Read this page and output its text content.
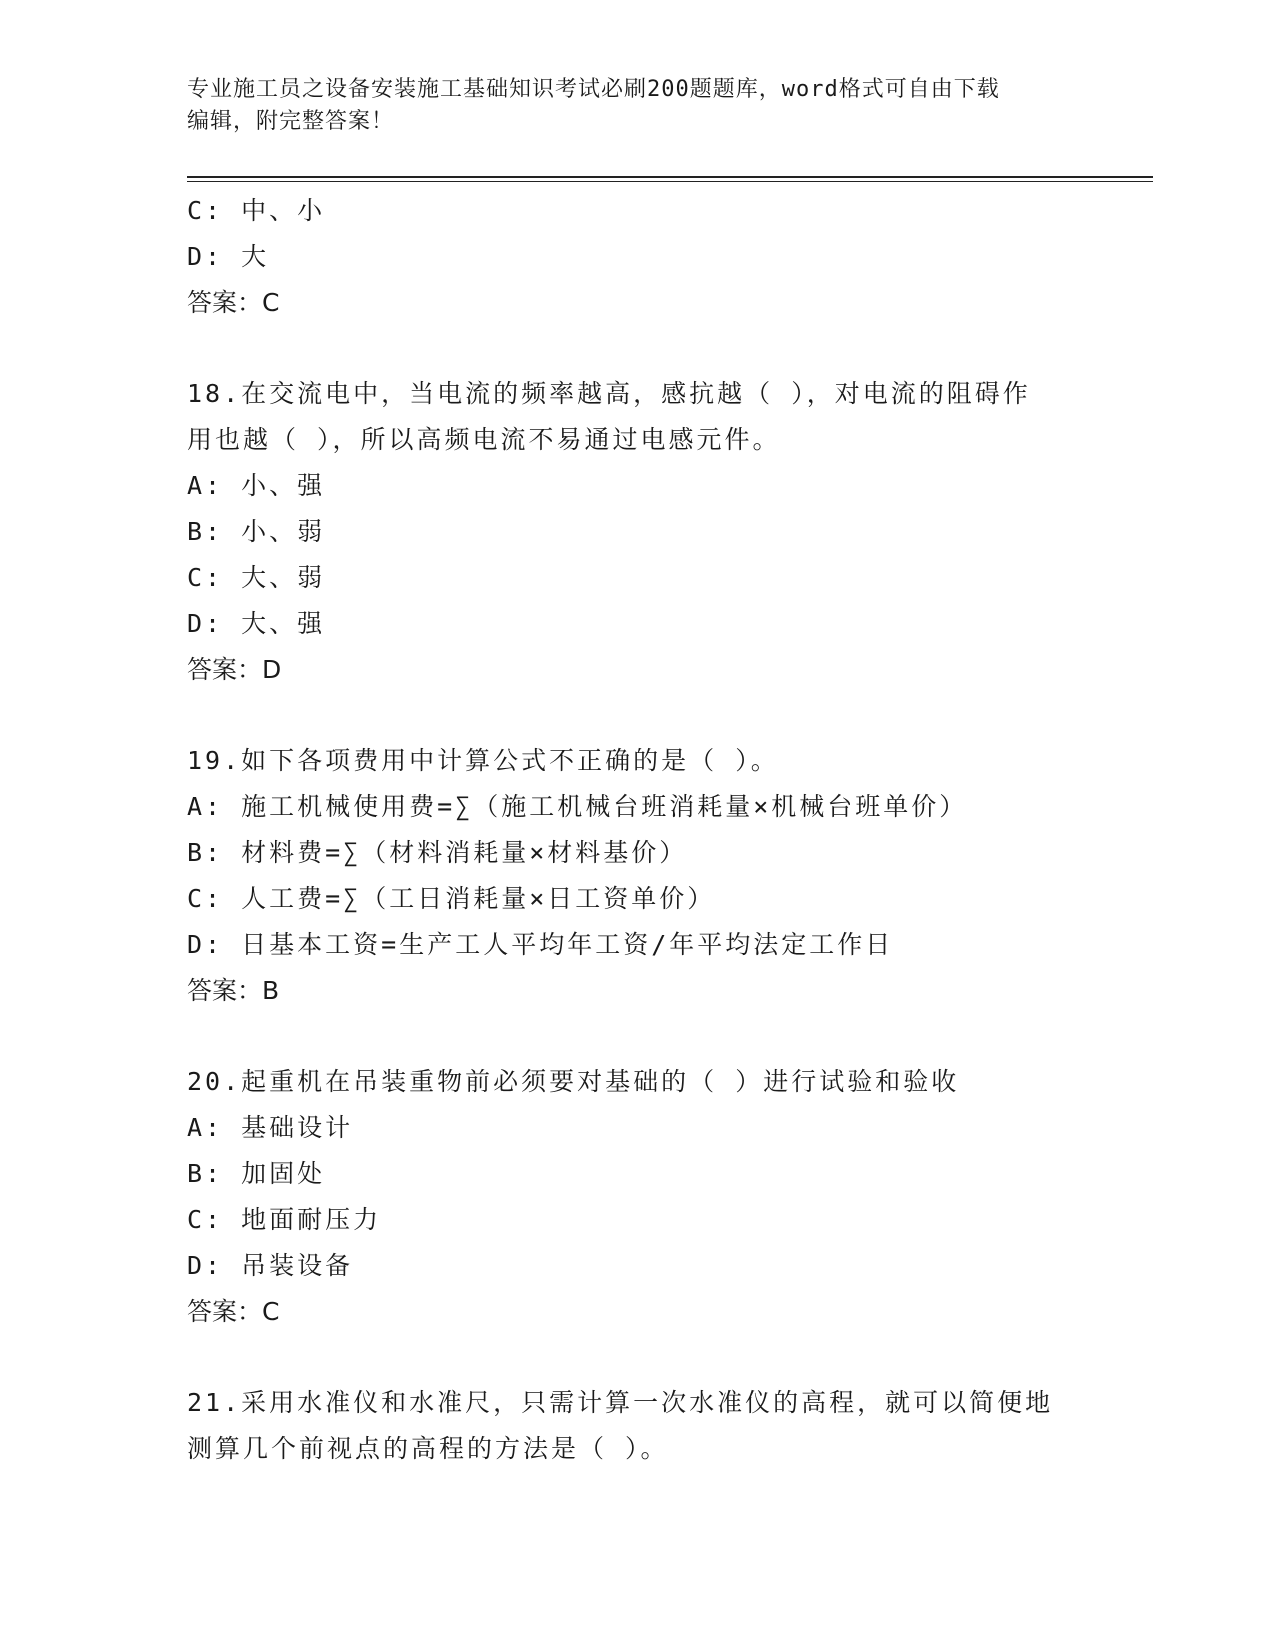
专业施工员之设备安装施工基础知识考试必刷200题题库，word格式可自由下载
编辑，附完整答案！
C: 中、小
D: 大
答案：C
18.在交流电中，当电流的频率越高，感抗越（ ），对电流的阻碍作
用也越（ ），所以高频电流不易通过电感元件。
A: 小、强
B: 小、弱
C: 大、弱
D: 大、强
答案：D
19.如下各项费用中计算公式不正确的是（ ）。
A: 施工机械使用费=∑（施工机械台班消耗量×机械台班单价）
B: 材料费=∑（材料消耗量×材料基价）
C: 人工费=∑（工日消耗量×日工资单价）
D: 日基本工资=生产工人平均年工资/年平均法定工作日
答案：B
20.起重机在吊装重物前必须要对基础的（ ）进行试验和验收
A: 基础设计
B: 加固处
C: 地面耐压力
D: 吊装设备
答案：C
21.采用水准仪和水准尺，只需计算一次水准仪的高程，就可以简便地
测算几个前视点的高程的方法是（ ）。
